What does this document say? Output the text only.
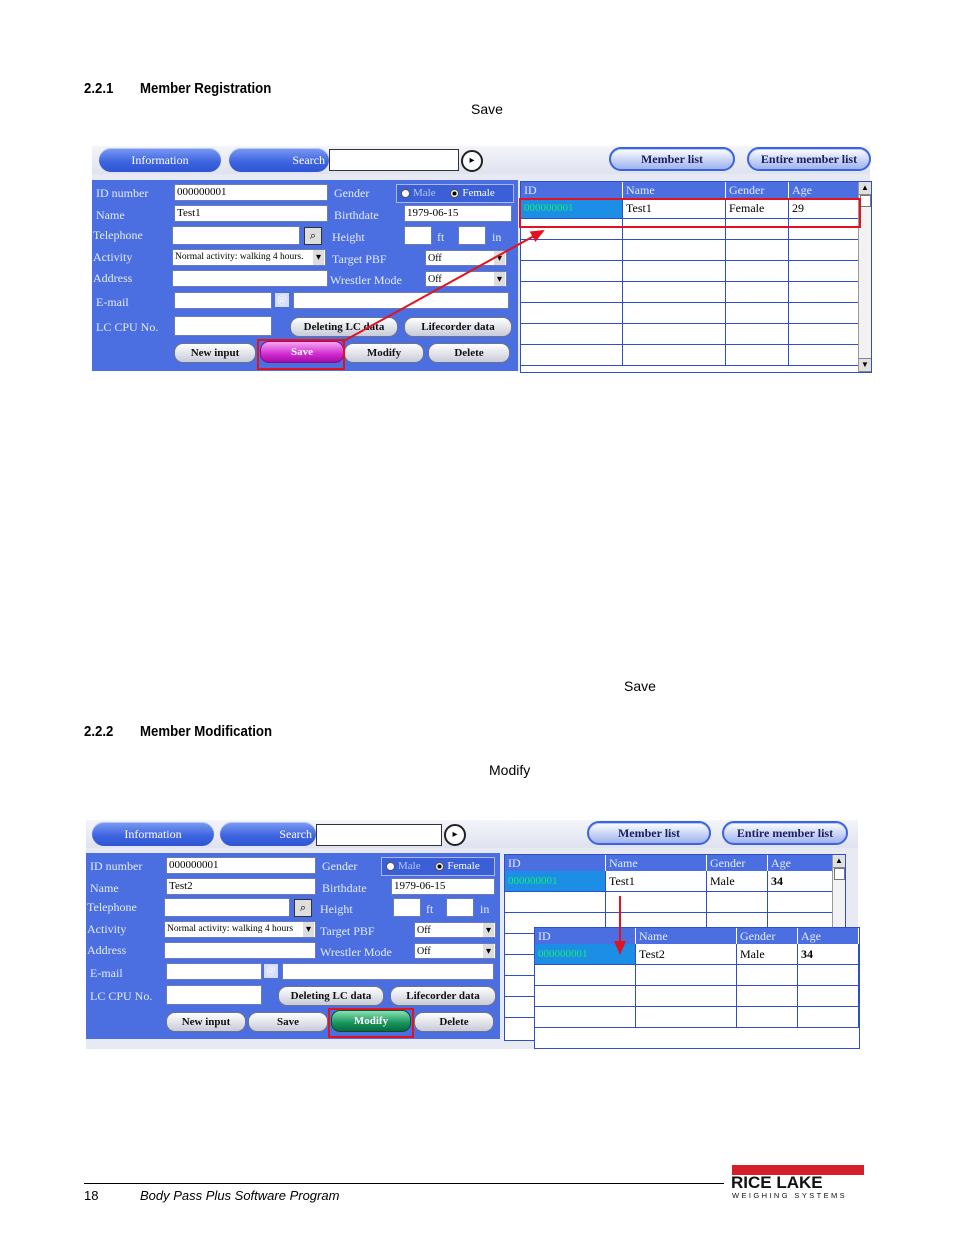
2.2.1 Member Registration
Save
Information	Search	▸	Member list	Entire member list
ID number	000000001
Name	Test1
Telephone	⌕
Activity	Normal activity: walking 4 hours. ▾
Address
E-mail	@
LC CPU No.	Deleting LC data	Lifecorder data
New input	Save	Modify	Delete
Gender	Male Female
Birthdate	1979-06-15
Height	ft	in
Target PBF	Off ▾
Wrestler Mode	Off ▾
ID	Name	Gender	Age
000000001	Test1	Female	29

▲
▼
Save
2.2.2 Member Modification
Modify
Information	Search	▸	Member list	Entire member list
ID number 000000001
Name	Test2
Telephone	⌕
Activity	Normal activity: walking 4 hours ▾
Address
E-mail	@
LC CPU No.	Deleting LC data	Lifecorder data
New input	Save	Modify	Delete
Gender	Male Female
Birthdate 1979-06-15
Height	ft	in
Target PBF	Off ▾
Wrestler Mode	Off ▾
ID	Name	Gender	Age
000000001	Test1	Male	34

▲
ID	Name	Gender	Age
000000001	Test2	Male	34

18	Body Pass Plus Software Program
RICE LAKE
WEIGHING SYSTEMS
